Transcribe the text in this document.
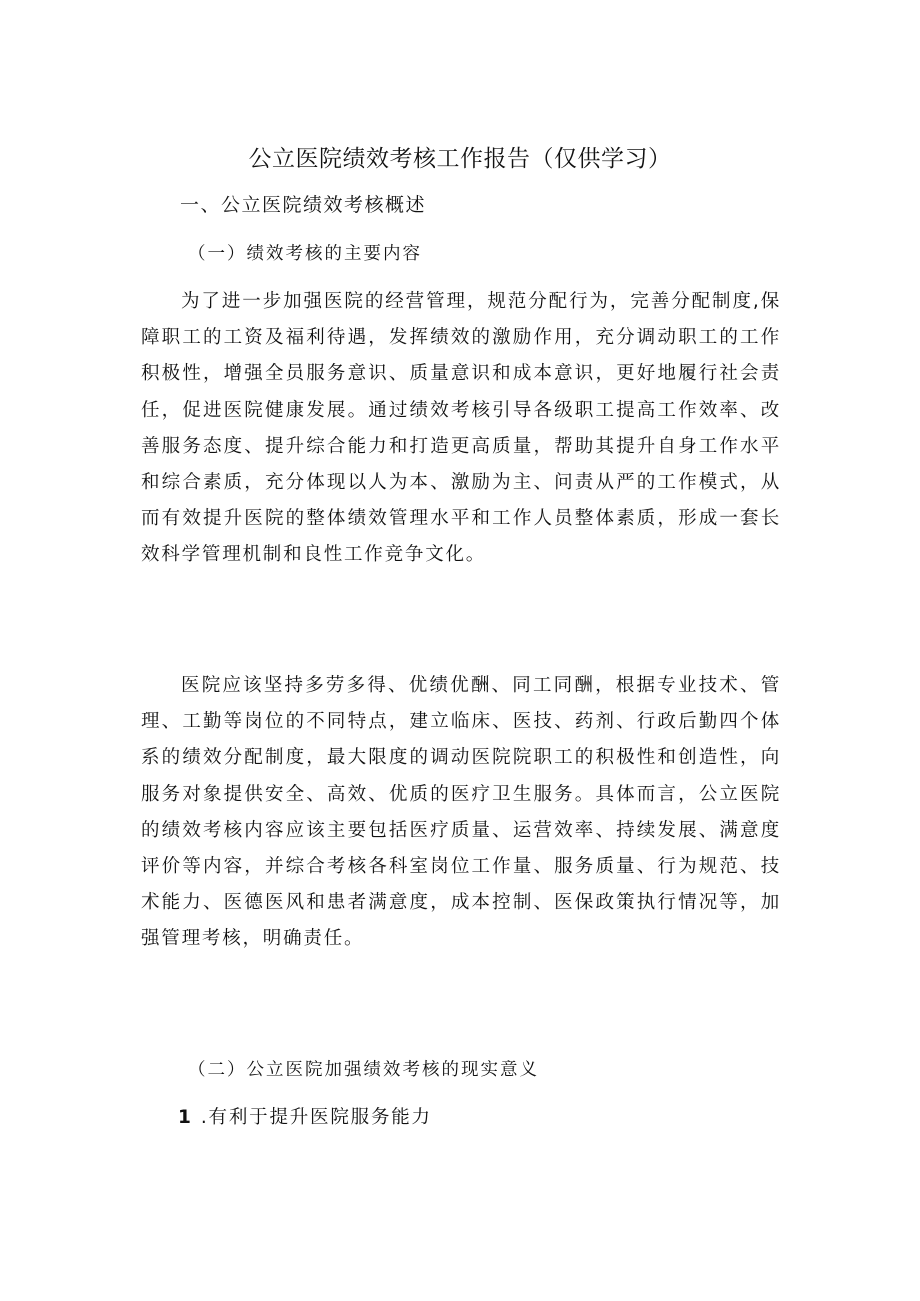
公立医院绩效考核工作报告（仅供学习）
一、公立医院绩效考核概述
（一）绩效考核的主要内容
为了进一步加强医院的经营管理，规范分配行为，完善分配制度,保障职工的工资及福利待遇，发挥绩效的激励作用，充分调动职工的工作积极性，增强全员服务意识、质量意识和成本意识，更好地履行社会责任，促进医院健康发展。通过绩效考核引导各级职工提高工作效率、改善服务态度、提升综合能力和打造更高质量，帮助其提升自身工作水平和综合素质，充分体现以人为本、激励为主、问责从严的工作模式，从而有效提升医院的整体绩效管理水平和工作人员整体素质，形成一套长效科学管理机制和良性工作竞争文化。
医院应该坚持多劳多得、优绩优酬、同工同酬，根据专业技术、管理、工勤等岗位的不同特点，建立临床、医技、药剂、行政后勤四个体系的绩效分配制度，最大限度的调动医院院职工的积极性和创造性，向服务对象提供安全、高效、优质的医疗卫生服务。具体而言，公立医院的绩效考核内容应该主要包括医疗质量、运营效率、持续发展、满意度评价等内容，并综合考核各科室岗位工作量、服务质量、行为规范、技术能力、医德医风和患者满意度，成本控制、医保政策执行情况等，加强管理考核，明确责任。
（二）公立医院加强绩效考核的现实意义
1.有利于提升医院服务能力
